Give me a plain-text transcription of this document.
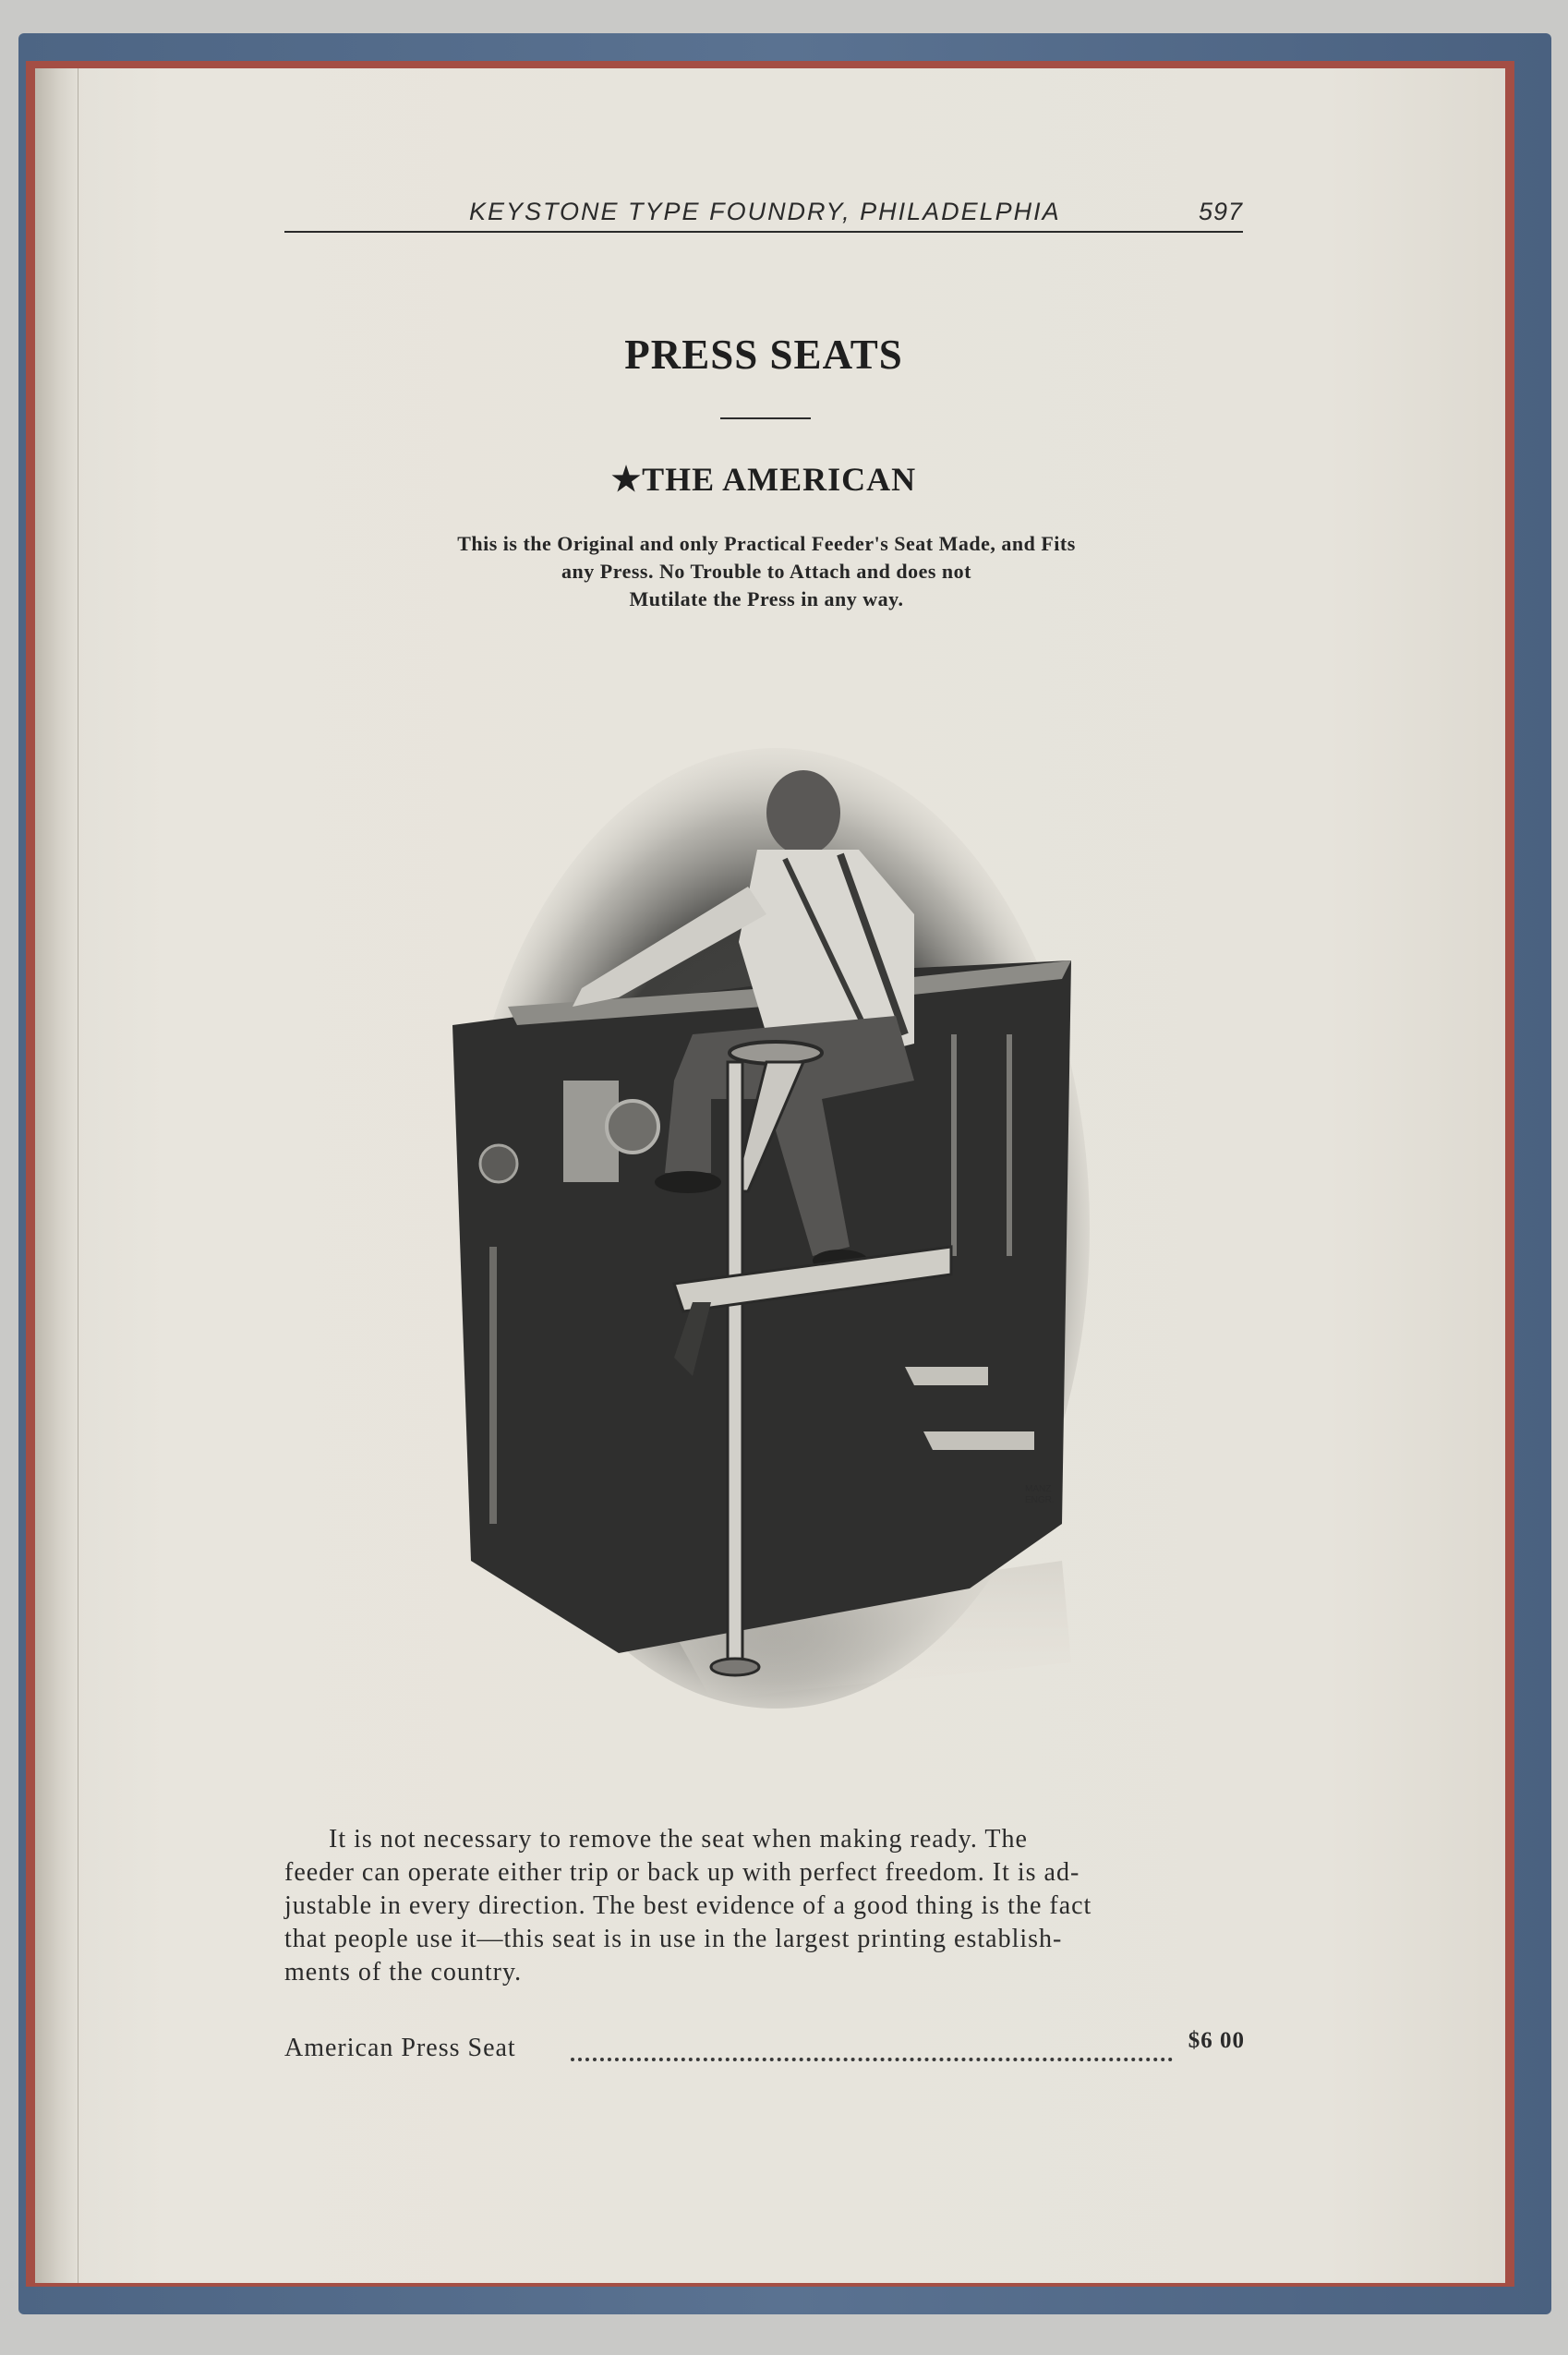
KEYSTONE TYPE FOUNDRY, PHILADELPHIA	597
PRESS SEATS
★THE AMERICAN
This is the Original and only Practical Feeder's Seat Made, and Fits
any Press. No Trouble to Attach and does not
Mutilate the Press in any way.
MANZ
ENGR.
It is not necessary to remove the seat when making ready. The
feeder can operate either trip or back up with perfect freedom. It is ad-
justable in every direction. The best evidence of a good thing is the fact
that people use it—this seat is in use in the largest printing establish-
ments of the country.
American Press Seat	$6 00
